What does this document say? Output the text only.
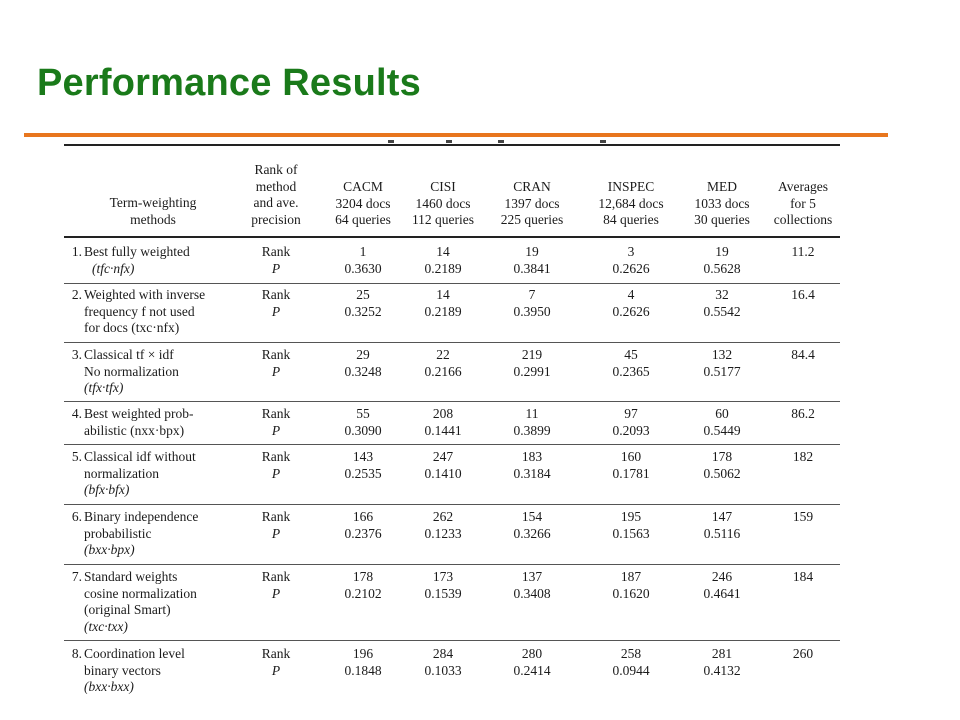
Performance Results
Term-weighting
methods
Rank of
method
and ave.
precision
CACM
3204 docs
64 queries
CISI
1460 docs
112 queries
CRAN
1397 docs
225 queries
INSPEC
12,684 docs
84 queries
MED
1033 docs
30 queries
Averages
for 5
collections
1. Best fully weighted
(tfc·nfx)
Rank
P
1
0.3630
14
0.2189
19
0.3841
3
0.2626
19
0.5628
11.2
2. Weighted with inverse
frequency f not used
for docs (txc·nfx)
Rank
P
25
0.3252
14
0.2189
7
0.3950
4
0.2626
32
0.5542
16.4
3. Classical tf × idf
No normalization
(tfx·tfx)
Rank
P
29
0.3248
22
0.2166
219
0.2991
45
0.2365
132
0.5177
84.4
4. Best weighted prob-
abilistic (nxx·bpx)
Rank
P
55
0.3090
208
0.1441
11
0.3899
97
0.2093
60
0.5449
86.2
5. Classical idf without
normalization
(bfx·bfx)
Rank
P
143
0.2535
247
0.1410
183
0.3184
160
0.1781
178
0.5062
182
6. Binary independence
probabilistic
(bxx·bpx)
Rank
P
166
0.2376
262
0.1233
154
0.3266
195
0.1563
147
0.5116
159
7. Standard weights
cosine normalization
(original Smart)
(txc·txx)
Rank
P
178
0.2102
173
0.1539
137
0.3408
187
0.1620
246
0.4641
184
8. Coordination level
binary vectors
(bxx·bxx)
Rank
P
196
0.1848
284
0.1033
280
0.2414
258
0.0944
281
0.4132
260
